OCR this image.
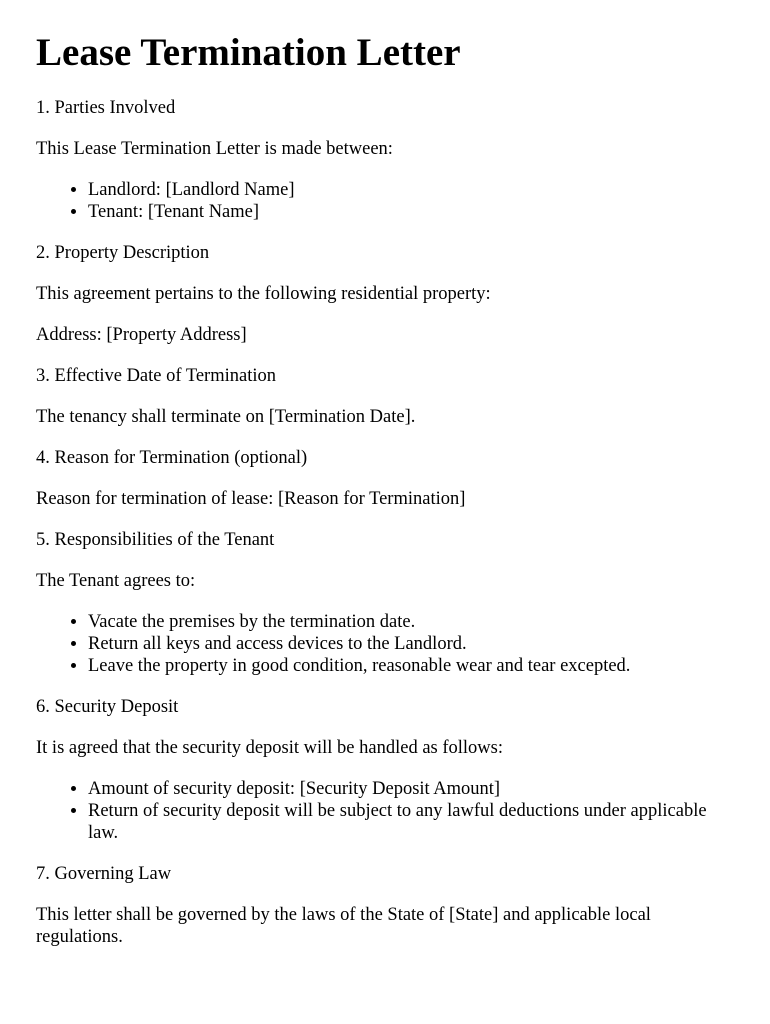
Lease Termination Letter

1. Parties Involved

This Lease Termination Letter is made between:

• Landlord: [Landlord Name]
• Tenant: [Tenant Name]

2. Property Description

This agreement pertains to the following residential property:

Address: [Property Address]

3. Effective Date of Termination

The tenancy shall terminate on [Termination Date].

4. Reason for Termination (optional)

Reason for termination of lease: [Reason for Termination]

5. Responsibilities of the Tenant

The Tenant agrees to:

• Vacate the premises by the termination date.
• Return all keys and access devices to the Landlord.
• Leave the property in good condition, reasonable wear and tear excepted.

6. Security Deposit

It is agreed that the security deposit will be handled as follows:

• Amount of security deposit: [Security Deposit Amount]
• Return of security deposit will be subject to any lawful deductions under applicable law.

7. Governing Law

This letter shall be governed by the laws of the State of [State] and applicable local regulations.
